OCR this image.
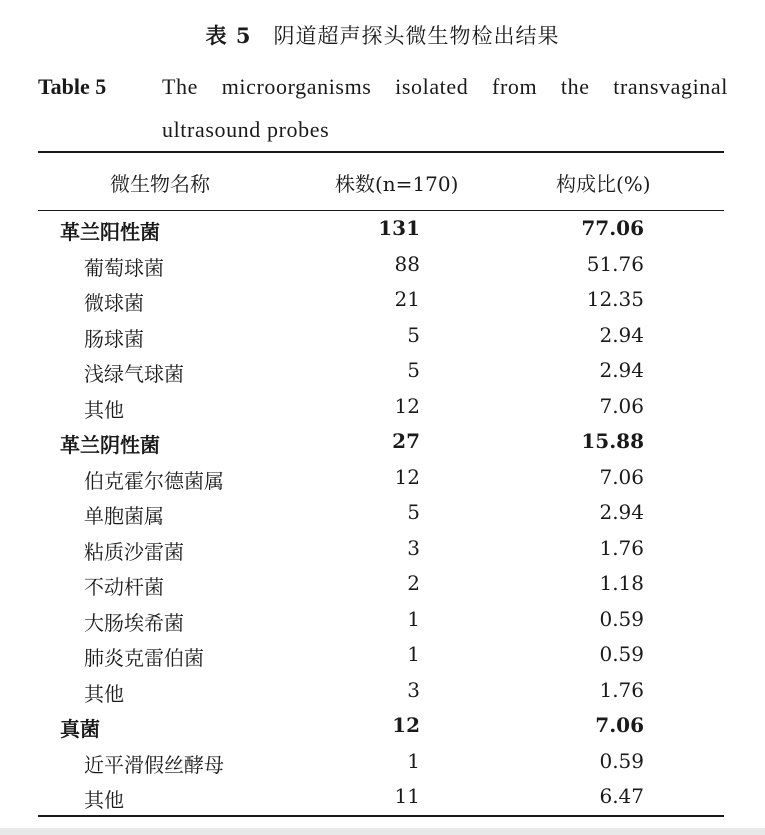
表 5 阴道超声探头微生物检出结果
Table 5	The microorganisms isolated from the transvaginal ultrasound probes
微生物名称	株数(n=170)	构成比(%)
革兰阳性菌	131	77.06
葡萄球菌	88	51.76
微球菌	21	12.35
肠球菌	5	2.94
浅绿气球菌	5	2.94
其他	12	7.06
革兰阴性菌	27	15.88
伯克霍尔德菌属	12	7.06
单胞菌属	5	2.94
粘质沙雷菌	3	1.76
不动杆菌	2	1.18
大肠埃希菌	1	0.59
肺炎克雷伯菌	1	0.59
其他	3	1.76
真菌	12	7.06
近平滑假丝酵母	1	0.59
其他	11	6.47
